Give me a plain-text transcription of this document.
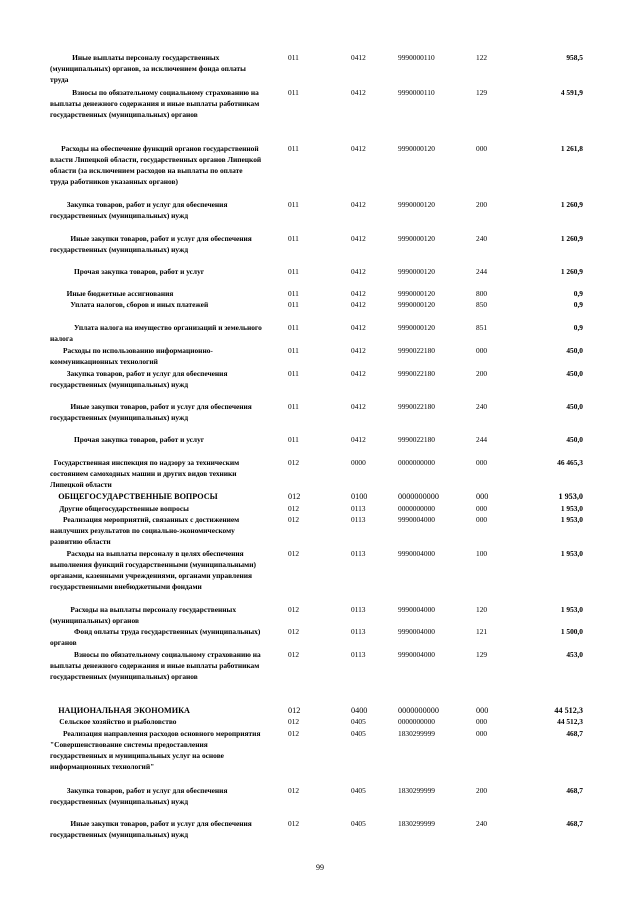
Иные выплаты персоналу государственных (муниципальных) органов, за исключением фонда оплаты труда
011	0412	9990000110	122	958,5
Взносы по обязательному социальному страхованию на выплаты денежного содержания и иные выплаты работникам государственных (муниципальных) органов
011	0412	9990000110	129	4 591,9
Расходы на обеспечение функций органов государственной власти Липецкой области, государственных органов Липецкой области (за исключением расходов на выплаты по оплате труда работников указанных органов)
011	0412	9990000120	000	1 261,8
Закупка товаров, работ и услуг для обеспечения государственных (муниципальных) нужд
011	0412	9990000120	200	1 260,9
Иные закупки товаров, работ и услуг для обеспечения государственных (муниципальных) нужд
011	0412	9990000120	240	1 260,9
Прочая закупка товаров, работ и услуг	011	0412	9990000120	244	1 260,9
Иные бюджетные ассигнования	011	0412	9990000120	800	0,9
Уплата налогов, сборов и иных платежей	011	0412	9990000120	850	0,9
Уплата налога на имущество организаций и земельного налога
011	0412	9990000120	851	0,9
Расходы по использованию информационно-коммуникационных технологий
011	0412	9990022180	000	450,0
Закупка товаров, работ и услуг для обеспечения государственных (муниципальных) нужд
011	0412	9990022180	200	450,0
Иные закупки товаров, работ и услуг для обеспечения государственных (муниципальных) нужд
011	0412	9990022180	240	450,0
Прочая закупка товаров, работ и услуг	011	0412	9990022180	244	450,0
Государственная инспекция по надзору за техническим состоянием самоходных машин и других видов техники Липецкой области
012	0000	0000000000	000	46 465,3
ОБЩЕГОСУДАРСТВЕННЫЕ ВОПРОСЫ	012	0100	0000000000	000	1 953,0
Другие общегосударственные вопросы	012	0113	0000000000	000	1 953,0
Реализация мероприятий, связанных с достижением наилучших результатов по социально-экономическому развитию области
012	0113	9990004000	000	1 953,0
Расходы на выплаты персоналу в целях обеспечения выполнения функций государственными (муниципальными) органами, казенными учреждениями, органами управления государственными внебюджетными фондами
012	0113	9990004000	100	1 953,0
Расходы на выплаты персоналу государственных (муниципальных) органов
012	0113	9990004000	120	1 953,0
Фонд оплаты труда государственных (муниципальных) органов
012	0113	9990004000	121	1 500,0
Взносы по обязательному социальному страхованию на выплаты денежного содержания и иные выплаты работникам государственных (муниципальных) органов
012	0113	9990004000	129	453,0
НАЦИОНАЛЬНАЯ ЭКОНОМИКА	012	0400	0000000000	000	44 512,3
Сельское хозяйство и рыболовство	012	0405	0000000000	000	44 512,3
Реализация направления расходов основного мероприятия "Совершенствование системы предоставления государственных и муниципальных услуг на основе информационных технологий"
012	0405	1830299999	000	468,7
Закупка товаров, работ и услуг для обеспечения государственных (муниципальных) нужд
012	0405	1830299999	200	468,7
Иные закупки товаров, работ и услуг для обеспечения государственных (муниципальных) нужд
012	0405	1830299999	240	468,7
99
